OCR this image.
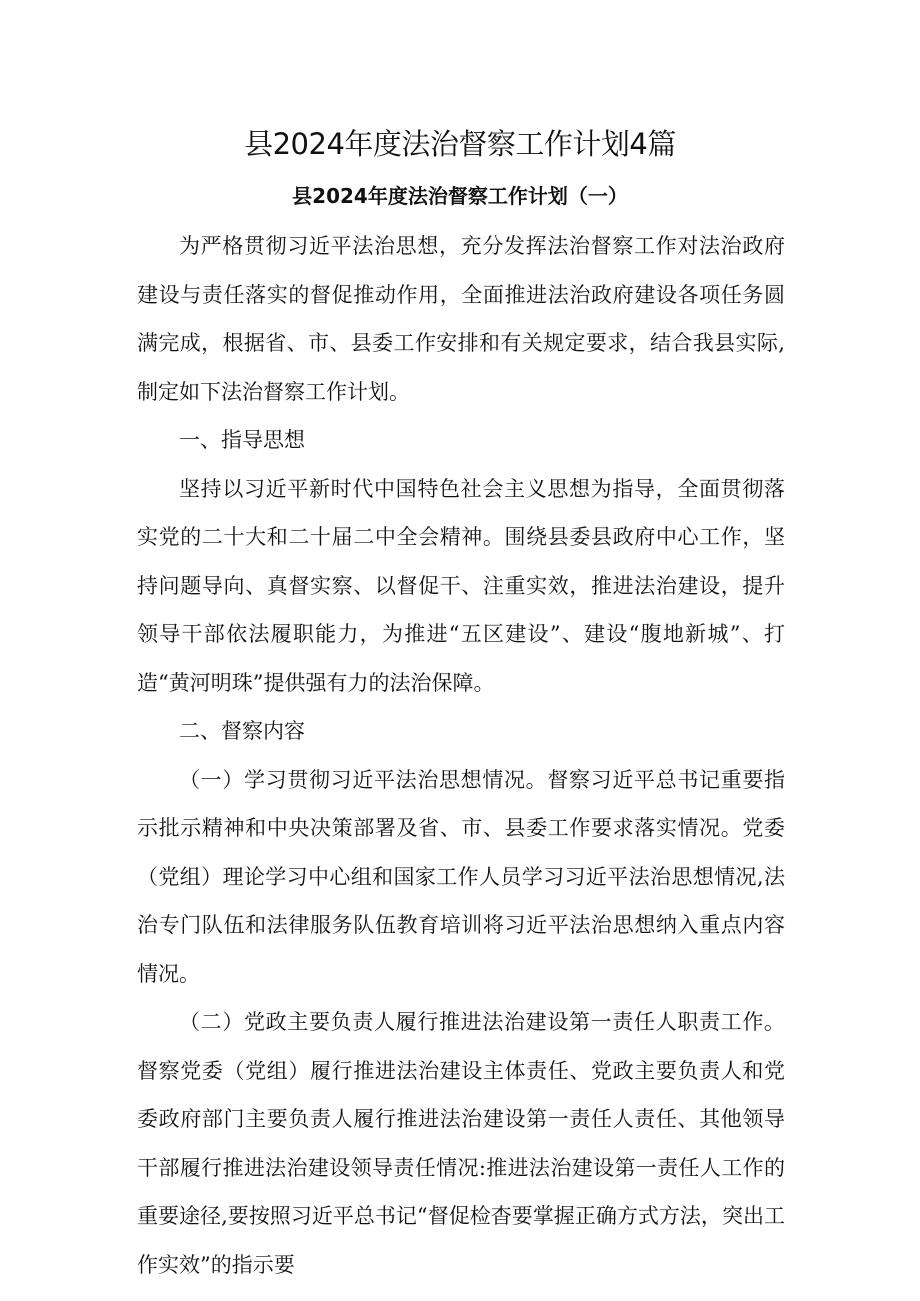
县2024年度法治督察工作计划4篇
县2024年度法治督察工作计划（一）

为严格贯彻习近平法治思想，充分发挥法治督察工作对法治政府建设与责任落实的督促推动作用，全面推进法治政府建设各项任务圆满完成，根据省、市、县委工作安排和有关规定要求，结合我县实际,制定如下法治督察工作计划。

一、指导思想

坚持以习近平新时代中国特色社会主义思想为指导，全面贯彻落实党的二十大和二十届二中全会精神。围绕县委县政府中心工作，坚持问题导向、真督实察、以督促干、注重实效，推进法治建设，提升领导干部依法履职能力，为推进“五区建设”、建设“腹地新城”、打造“黄河明珠”提供强有力的法治保障。

二、督察内容

（一）学习贯彻习近平法治思想情况。督察习近平总书记重要指示批示精神和中央决策部署及省、市、县委工作要求落实情况。党委（党组）理论学习中心组和国家工作人员学习习近平法治思想情况,法治专门队伍和法律服务队伍教育培训将习近平法治思想纳入重点内容情况。

（二）党政主要负责人履行推进法治建设第一责任人职责工作。督察党委（党组）履行推进法治建设主体责任、党政主要负责人和党委政府部门主要负责人履行推进法治建设第一责任人责任、其他领导干部履行推进法治建设领导责任情况:推进法治建设第一责任人工作的重要途径,要按照习近平总书记“督促检杳要掌握正确方式方法，突出工作实效”的指示要
